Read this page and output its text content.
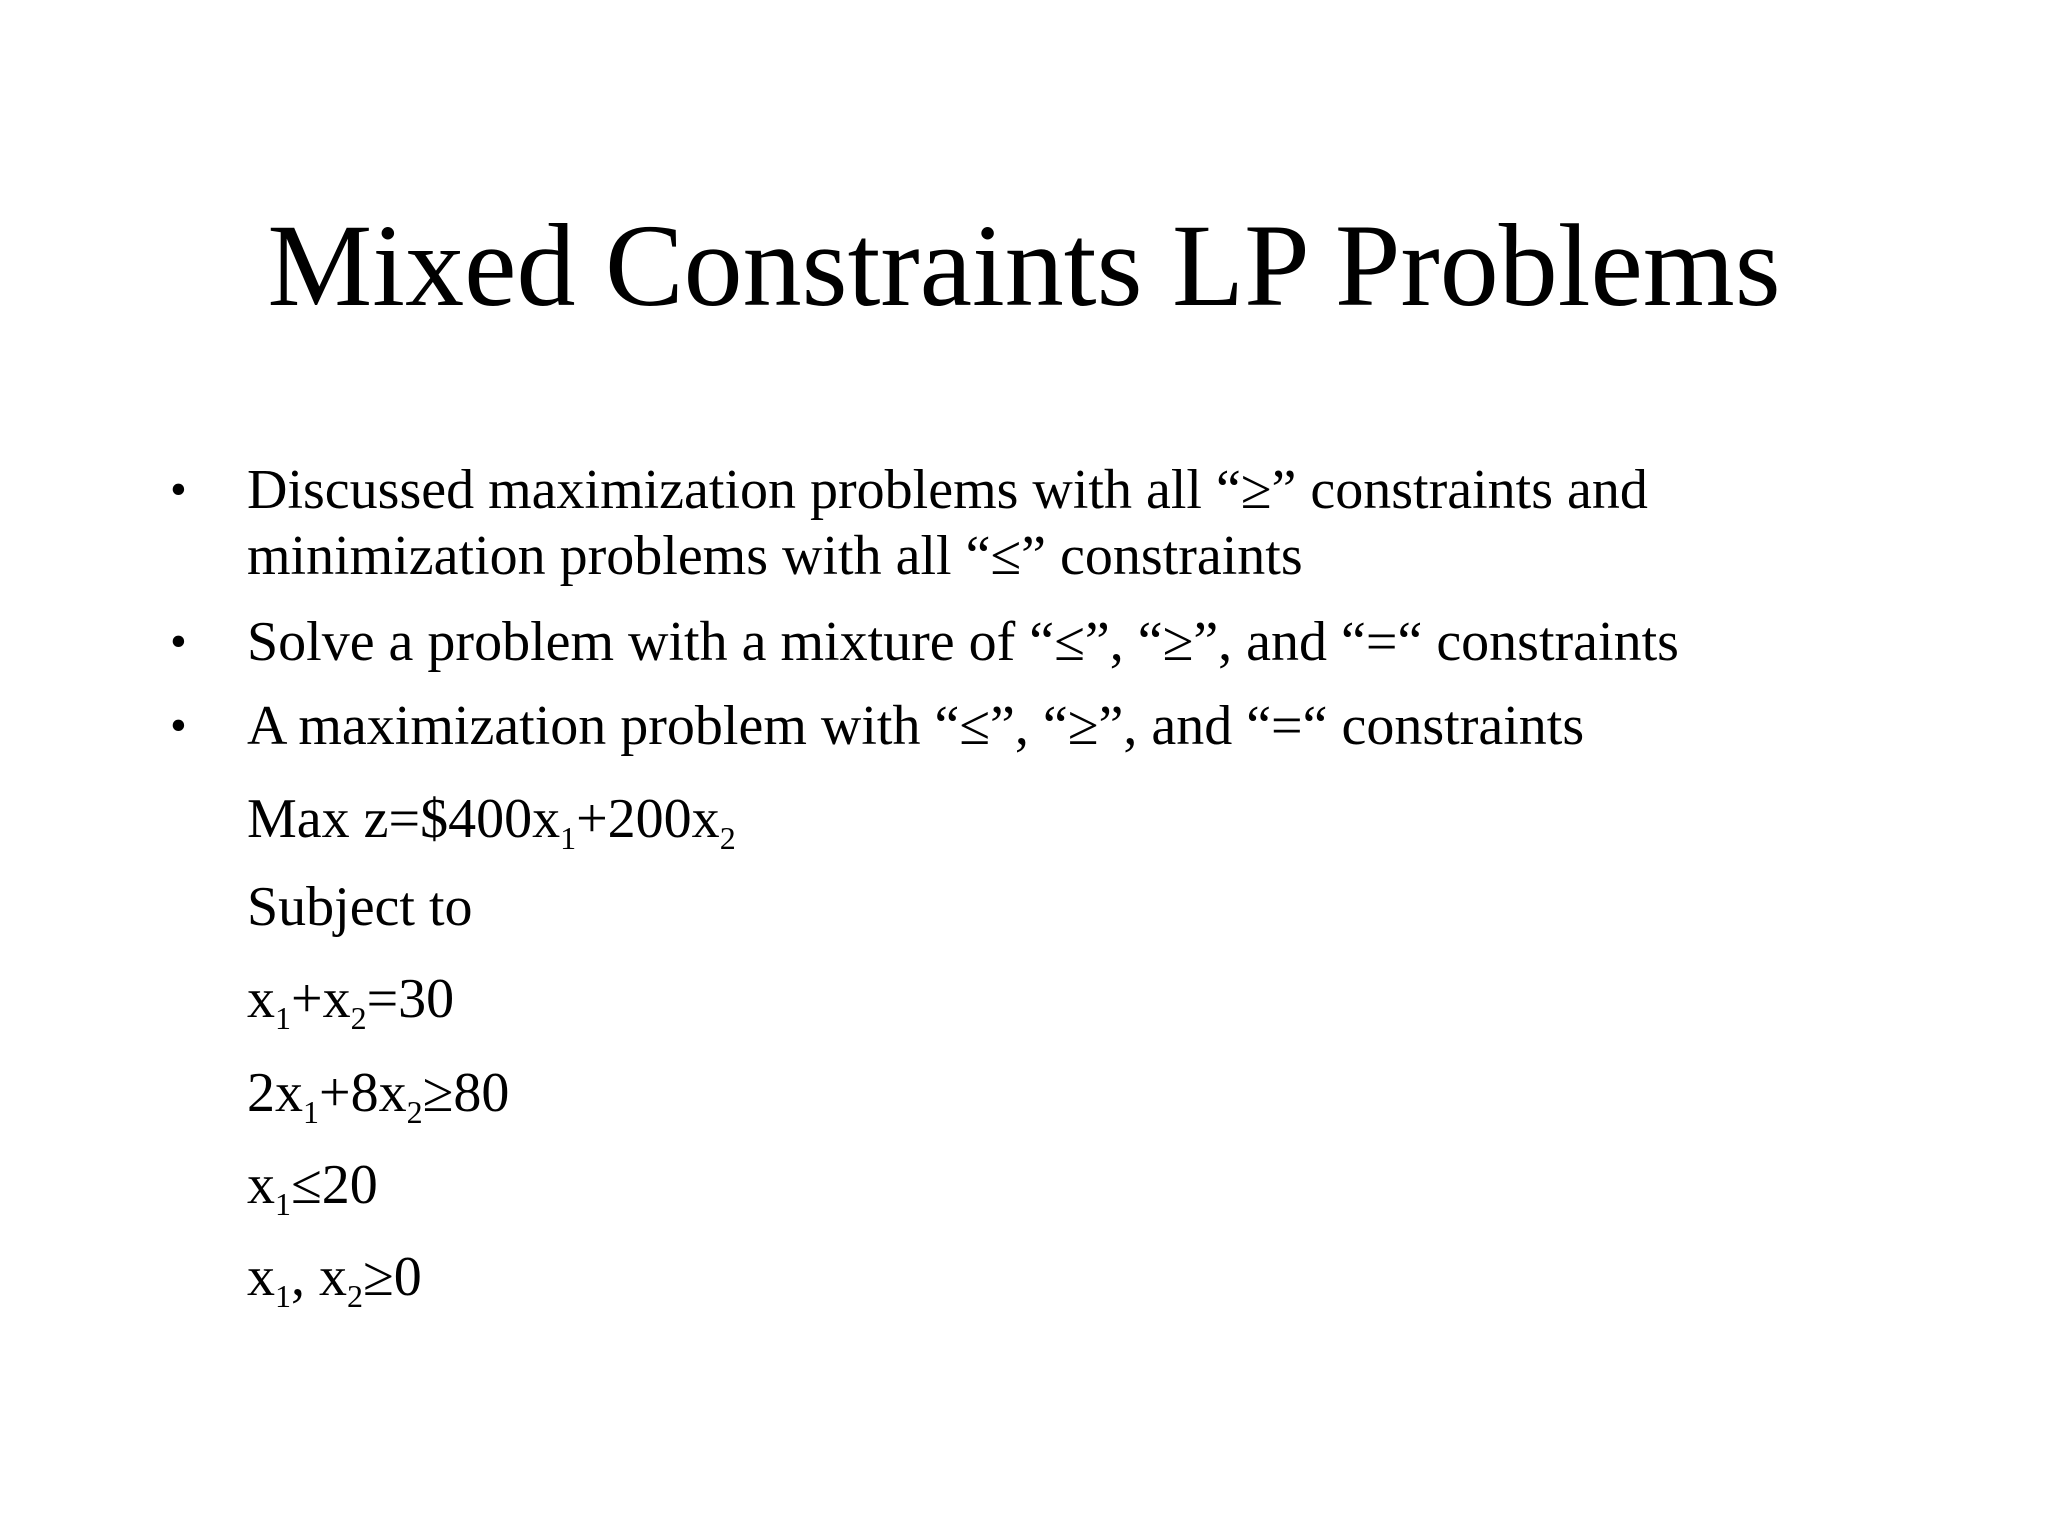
Mixed Constraints LP Problems
• Discussed maximization problems with all “≥” constraints and
minimization problems with all “≤” constraints
• Solve a problem with a mixture of “≤”, “≥”, and “=“ constraints
• A maximization problem with “≤”, “≥”, and “=“ constraints
Max $z=\$400x_1+200x_2$
Subject to
$x_1+x_2=30$
$2x_1+8x_2\ge 80$
$x_1\le 20$
$x_1$, $x_2\ge 0$
